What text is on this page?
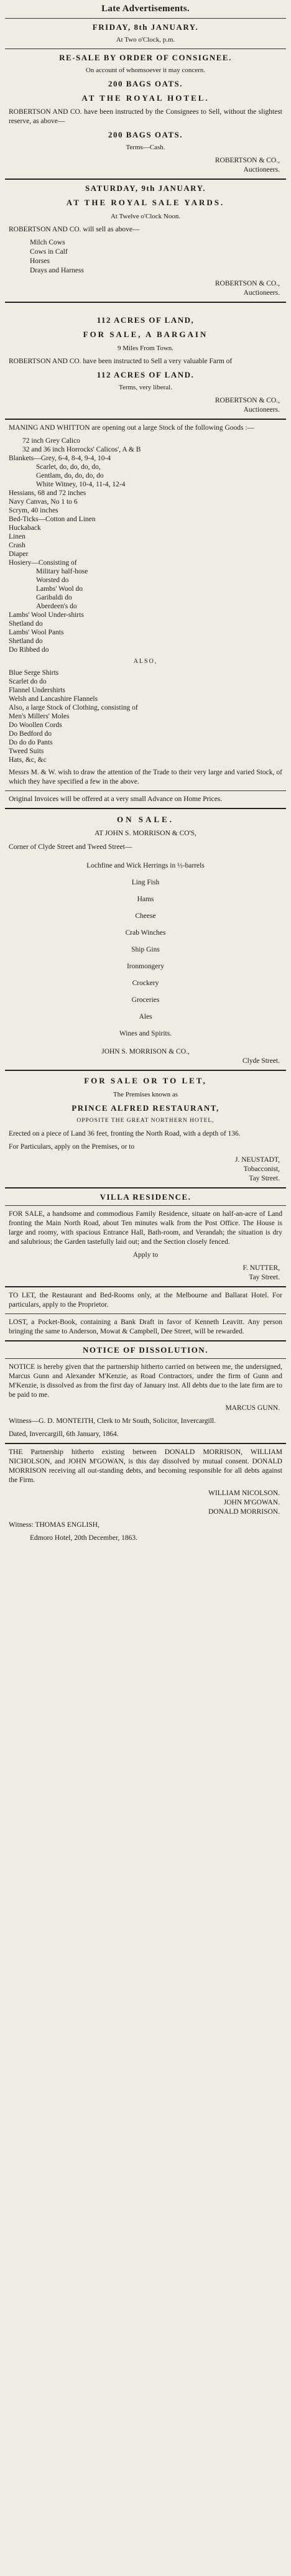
Late Advertisements.

FRIDAY, 8th JANUARY.

At Two o'Clock, p.m.

RE-SALE BY ORDER OF CONSIGNEE.

On account of whomsoever it may concern.

200 BAGS OATS.

AT THE ROYAL HOTEL.

ROBERTSON AND CO. have been instructed by the Consignees to Sell, without the slightest reserve, as above—

200 BAGS OATS.

Terms—Cash.

ROBERTSON & CO.,
Auctioneers.

SATURDAY, 9th JANUARY.

AT THE ROYAL SALE YARDS.

At Twelve o'Clock Noon.

ROBERTSON AND CO. will sell as above—

Milch Cows
Cows in Calf
Horses
Drays and Harness

ROBERTSON & CO.,
Auctioneers.

112 ACRES OF LAND,

FOR SALE, A BARGAIN

9 Miles From Town.

ROBERTSON AND CO. have been instructed to Sell a very valuable Farm of

112 ACRES OF LAND.

Terms, very liberal.

ROBERTSON & CO.,
Auctioneers.

MANING AND WHITTON are opening out a large Stock of the following Goods :—

72 inch Grey Calico
32 and 36 inch Horrocks' Calicos', A & B
Blankets—Grey, 6-4, 8-4, 9-4, 10-4
Scarlet, do, do, do, do,
Gentlam, do, do, do, do
White Witney, 10-4, 11-4, 12-4
Hessians, 68 and 72 inches
Navy Canvas, No 1 to 6
Scrym, 40 inches
Bed-Ticks—Cotton and Linen
Huckaback
Linen
Crash
Diaper
Hosiery—Consisting of
Military half-hose
Worsted do
Lambs' Wool do
Garibaldi do
Aberdeen's do
Lambs' Wool Under-shirts
Shetland do
Lambs' Wool Pants
Shetland do
Do Ribbed do

ALSO,

Blue Serge Shirts
Scarlet do do
Flannel Undershirts
Welsh and Lancashire Flannels
Also, a large Stock of Clothing, consisting of
Men's Millers' Moles
Do Woollen Cords
Do Bedford do
Do do do Pants
Tweed Suits
Hats, &c, &c

Messrs M. & W. wish to draw the attention of the Trade to their very large and varied Stock, of which they have specified a few in the above.

Original Invoices will be offered at a very small Advance on Home Prices.

ON SALE.

AT JOHN S. MORRISON & CO'S,

Corner of Clyde Street and Tweed Street—

Lochfine and Wick Herrings in ½-barrels
Ling Fish
Hams
Cheese
Crab Winches
Ship Gins
Ironmongery
Crockery
Groceries
Ales
Wines and Spirits.

JOHN S. MORRISON & CO.,

Clyde Street.

FOR SALE OR TO LET,

The Premises known as

PRINCE ALFRED RESTAURANT,

OPPOSITE THE GREAT NORTHERN HOTEL,

Erected on a piece of Land 36 feet, fronting the North Road, with a depth of 136.

For Particulars, apply on the Premises, or to

J. NEUSTADT,
Tobacconist,
Tay Street.

VILLA RESIDENCE.

FOR SALE, a handsome and commodious Family Residence, situate on half-an-acre of Land fronting the Main North Road, about Ten minutes walk from the Post Office. The House is large and roomy, with spacious Entrance Hall, Bath-room, and Verandah; the situation is dry and salubrious; the Garden tastefully laid out; and the Section closely fenced.

Apply to

F. NUTTER,
Tay Street.

TO LET, the Restaurant and Bed-Rooms only, at the Melbourne and Ballarat Hotel. For particulars, apply to the Proprietor.

LOST, a Pocket-Book, containing a Bank Draft in favor of Kenneth Leavitt. Any person bringing the same to Anderson, Mowat & Campbell, Dee Street, will be rewarded.

NOTICE OF DISSOLUTION.

NOTICE is hereby given that the partnership hitherto carried on between me, the undersigned, Marcus Gunn and Alexander M'Kenzie, as Road Contractors, under the firm of Gunn and M'Kenzie, is dissolved as from the first day of January inst. All debts due to the late firm are to be paid to me.

MARCUS GUNN.

Witness—G. D. MONTEITH, Clerk to Mr South, Solicitor, Invercargill.

Dated, Invercargill, 6th January, 1864.

THE Partnership hitherto existing between DONALD MORRISON, WILLIAM NICHOLSON, and JOHN M'GOWAN, is this day dissolved by mutual consent. DONALD MORRISON receiving all out-standing debts, and becoming responsible for all debts against the Firm.

WILLIAM NICOLSON.
JOHN M'GOWAN.
DONALD MORRISON.

Witness: THOMAS ENGLISH,

Edmoro Hotel, 20th December, 1863.
